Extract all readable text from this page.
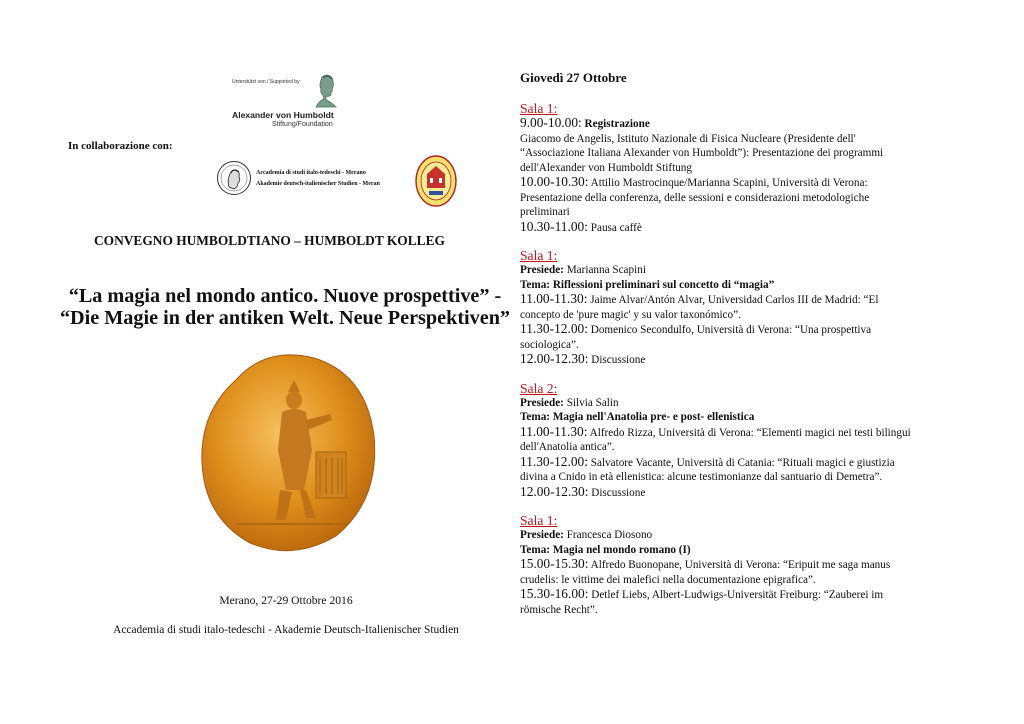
Unterstützt von / Supported by
Alexander von Humboldt
Stiftung/Foundation
In collaborazione con:
Accademia di studi italo-tedeschi - Merano
Akademie deutsch-italienischer Studien - Meran
CONVEGNO HUMBOLDTIANO – HUMBOLDT KOLLEG
“La magia nel mondo antico. Nuove prospettive” -
“Die Magie in der antiken Welt. Neue Perspektiven”
Merano, 27-29 Ottobre 2016
Accademia di studi italo-tedeschi - Akademie Deutsch-Italienischer Studien
Giovedì 27 Ottobre
Sala 1:
9.00-10.00: Registrazione
Giacomo de Angelis, Istituto Nazionale di Fisica Nucleare (Presidente dell'
“Associazione Italiana Alexander von Humboldt”): Presentazione dei programmi
dell'Alexander von Humboldt Stiftung
10.00-10.30: Attilio Mastrocinque/Marianna Scapini, Università di Verona:
Presentazione della conferenza, delle sessioni e considerazioni metodologiche
preliminari
10.30-11.00: Pausa caffè
Sala 1:
Presiede: Marianna Scapini
Tema: Riflessioni preliminari sul concetto di “magia”
11.00-11.30: Jaime Alvar/Antón Alvar, Universidad Carlos III de Madrid: “El
concepto de 'pure magic' y su valor taxonómico”.
11.30-12.00: Domenico Secondulfo, Università di Verona: “Una prospettiva
sociologica”.
12.00-12.30: Discussione
Sala 2:
Presiede: Silvia Salin
Tema: Magia nell'Anatolia pre- e post- ellenistica
11.00-11.30: Alfredo Rizza, Università di Verona: “Elementi magici nei testi bilingui
dell'Anatolia antica”.
11.30-12.00: Salvatore Vacante, Università di Catania: “Rituali magici e giustizia
divina a Cnido in età ellenistica: alcune testimonianze dal santuario di Demetra”.
12.00-12.30: Discussione
Sala 1:
Presiede: Francesca Diosono
Tema: Magia nel mondo romano (I)
15.00-15.30: Alfredo Buonopane, Università di Verona: “Eripuit me saga manus
crudelis: le vittime dei malefici nella documentazione epigrafica”.
15.30-16.00: Detlef Liebs, Albert-Ludwigs-Universität Freiburg: “Zauberei im
römische Recht”.
